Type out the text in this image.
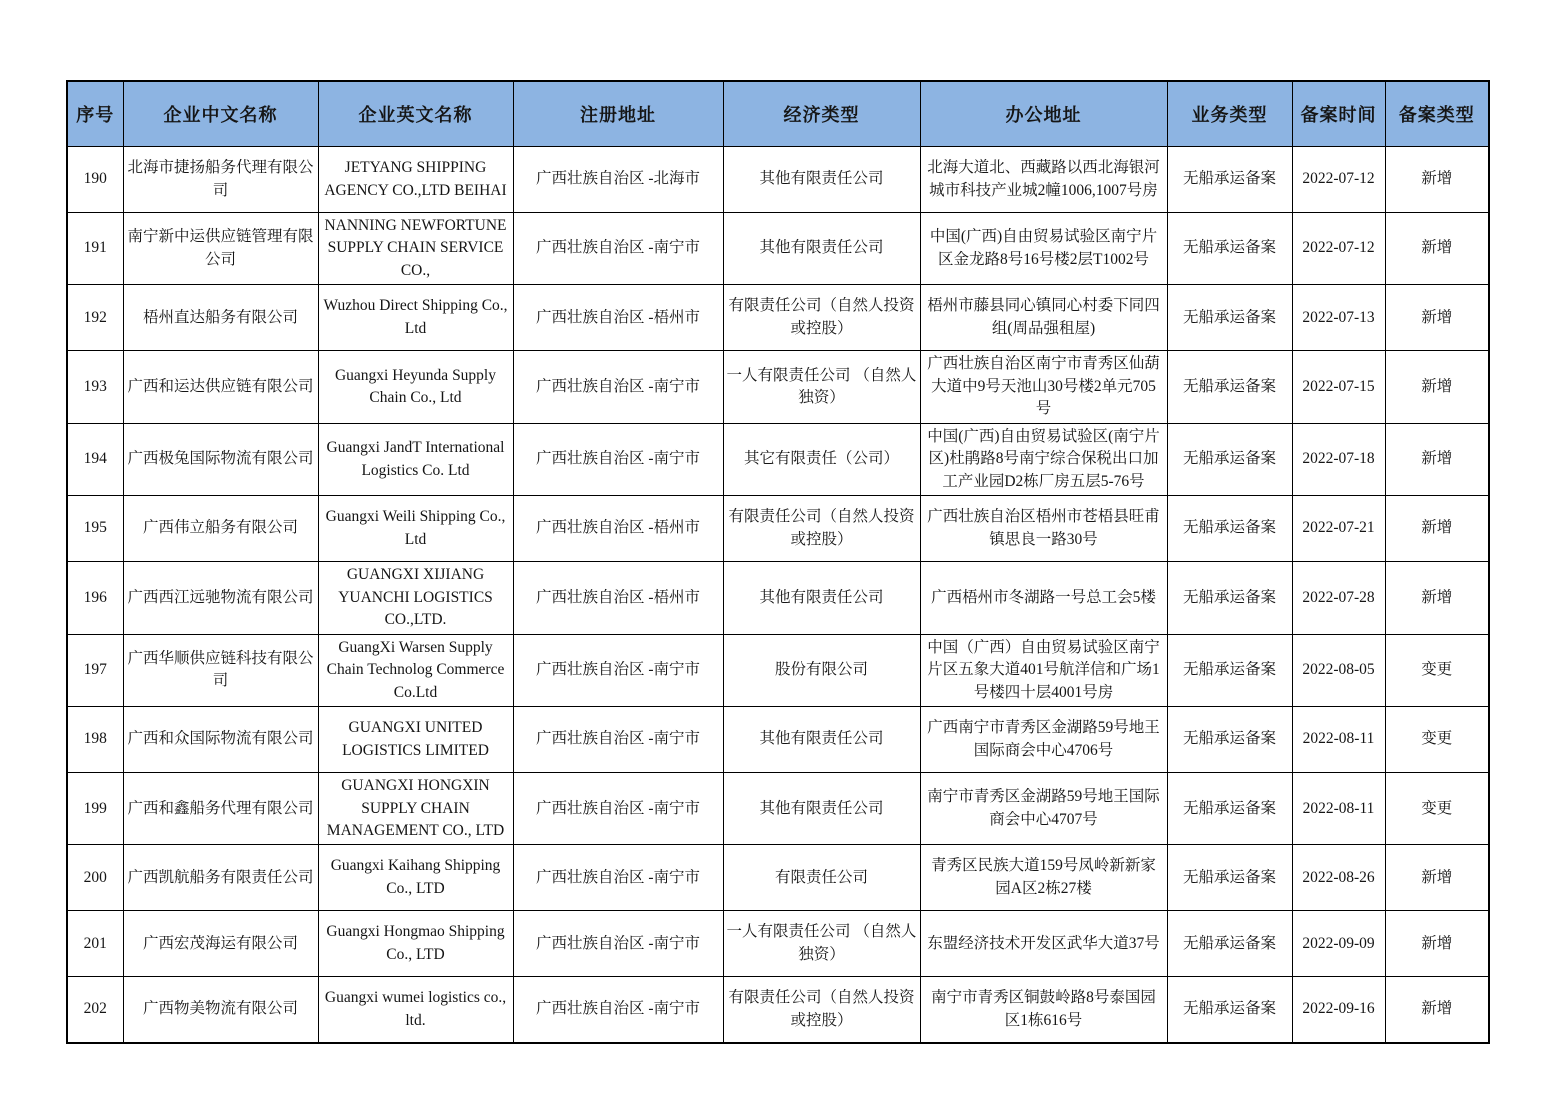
序号	企业中文名称	企业英文名称	注册地址	经济类型	办公地址	业务类型	备案时间	备案类型
190	北海市捷扬船务代理有限公司	JETYANG SHIPPING AGENCY CO.,LTD BEIHAI	广西壮族自治区 -北海市	其他有限责任公司	北海大道北、西藏路以西北海银河城市科技产业城2幢1006,1007号房	无船承运备案	2022-07-12	新增
191	南宁新中运供应链管理有限公司	NANNING NEWFORTUNE SUPPLY CHAIN SERVICE CO.,	广西壮族自治区 -南宁市	其他有限责任公司	中国(广西)自由贸易试验区南宁片区金龙路8号16号楼2层T1002号	无船承运备案	2022-07-12	新增
192	梧州直达船务有限公司	Wuzhou Direct Shipping Co., Ltd	广西壮族自治区 -梧州市	有限责任公司（自然人投资或控股）	梧州市藤县同心镇同心村委下同四组(周品强租屋)	无船承运备案	2022-07-13	新增
193	广西和运达供应链有限公司	Guangxi Heyunda Supply Chain Co., Ltd	广西壮族自治区 -南宁市	一人有限责任公司 （自然人独资）	广西壮族自治区南宁市青秀区仙葫大道中9号天池山30号楼2单元705号	无船承运备案	2022-07-15	新增
194	广西极兔国际物流有限公司	Guangxi JandT International Logistics Co. Ltd	广西壮族自治区 -南宁市	其它有限责任（公司）	中国(广西)自由贸易试验区(南宁片区)杜鹃路8号南宁综合保税出口加工产业园D2栋厂房五层5-76号	无船承运备案	2022-07-18	新增
195	广西伟立船务有限公司	Guangxi Weili Shipping Co., Ltd	广西壮族自治区 -梧州市	有限责任公司（自然人投资或控股）	广西壮族自治区梧州市苍梧县旺甫镇思良一路30号	无船承运备案	2022-07-21	新增
196	广西西江远驰物流有限公司	GUANGXI XIJIANG YUANCHI LOGISTICS CO.,LTD.	广西壮族自治区 -梧州市	其他有限责任公司	广西梧州市冬湖路一号总工会5楼	无船承运备案	2022-07-28	新增
197	广西华顺供应链科技有限公司	GuangXi Warsen Supply Chain Technolog Commerce Co.Ltd	广西壮族自治区 -南宁市	股份有限公司	中国（广西）自由贸易试验区南宁片区五象大道401号航洋信和广场1号楼四十层4001号房	无船承运备案	2022-08-05	变更
198	广西和众国际物流有限公司	GUANGXI UNITED LOGISTICS LIMITED	广西壮族自治区 -南宁市	其他有限责任公司	广西南宁市青秀区金湖路59号地王国际商会中心4706号	无船承运备案	2022-08-11	变更
199	广西和鑫船务代理有限公司	GUANGXI HONGXIN SUPPLY CHAIN MANAGEMENT CO., LTD	广西壮族自治区 -南宁市	其他有限责任公司	南宁市青秀区金湖路59号地王国际商会中心4707号	无船承运备案	2022-08-11	变更
200	广西凯航船务有限责任公司	Guangxi Kaihang Shipping Co., LTD	广西壮族自治区 -南宁市	有限责任公司	青秀区民族大道159号凤岭新新家园A区2栋27楼	无船承运备案	2022-08-26	新增
201	广西宏茂海运有限公司	Guangxi Hongmao Shipping Co., LTD	广西壮族自治区 -南宁市	一人有限责任公司 （自然人独资）	东盟经济技术开发区武华大道37号	无船承运备案	2022-09-09	新增
202	广西物美物流有限公司	Guangxi wumei logistics co., ltd.	广西壮族自治区 -南宁市	有限责任公司（自然人投资或控股）	南宁市青秀区铜鼓岭路8号泰国园区1栋616号	无船承运备案	2022-09-16	新增
